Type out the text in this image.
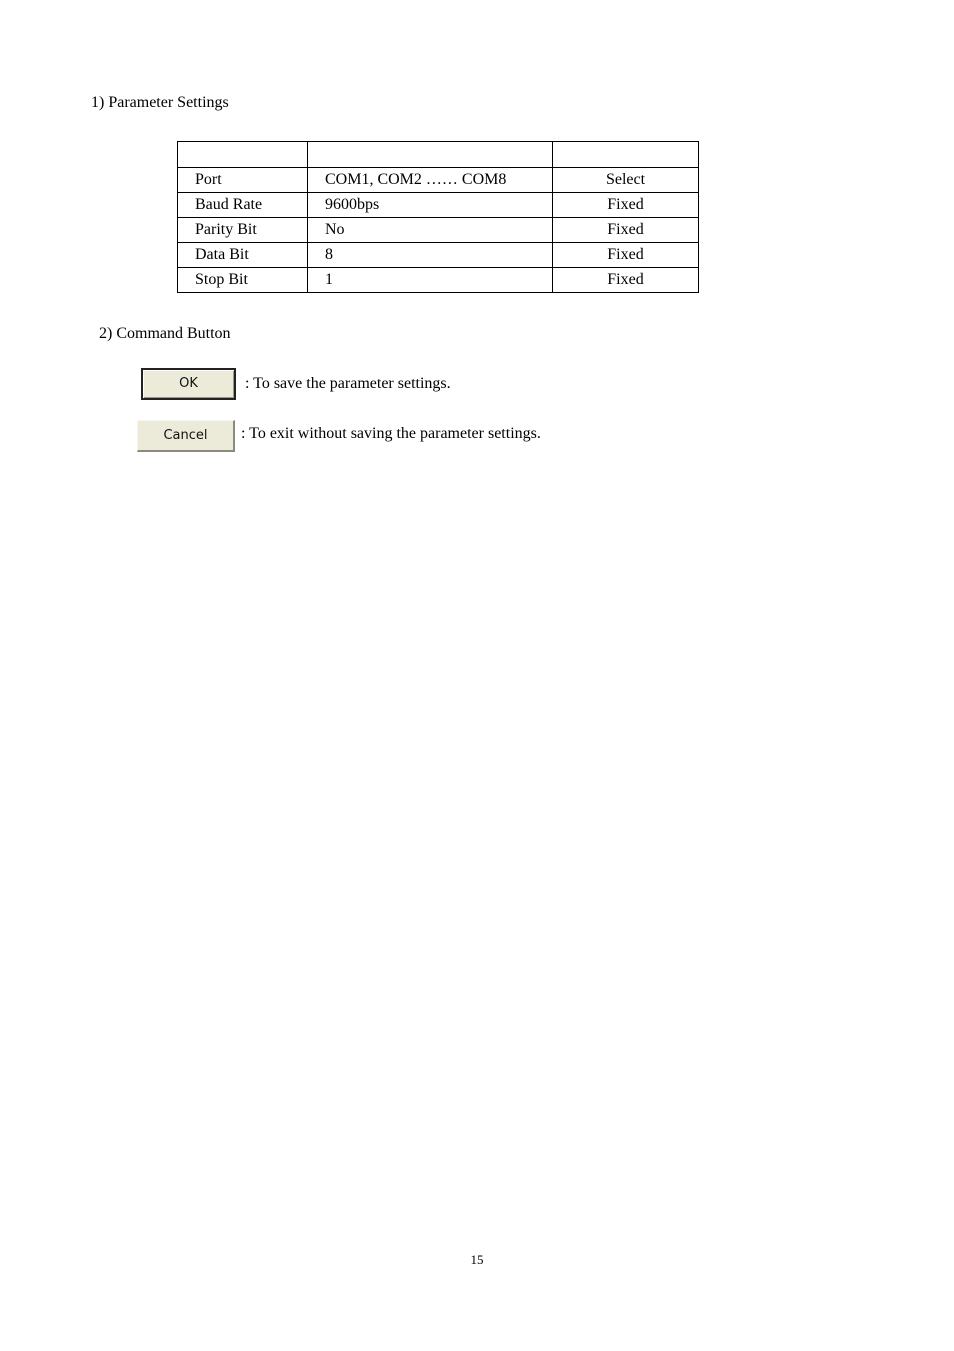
1) Parameter Settings

Port	COM1, COM2 …… COM8	Select
Baud Rate	9600bps	Fixed
Parity Bit	No	Fixed
Data Bit	8	Fixed
Stop Bit	1	Fixed
2) Command Button
OK	: To save the parameter settings.
Cancel	: To exit without saving the parameter settings.
15
